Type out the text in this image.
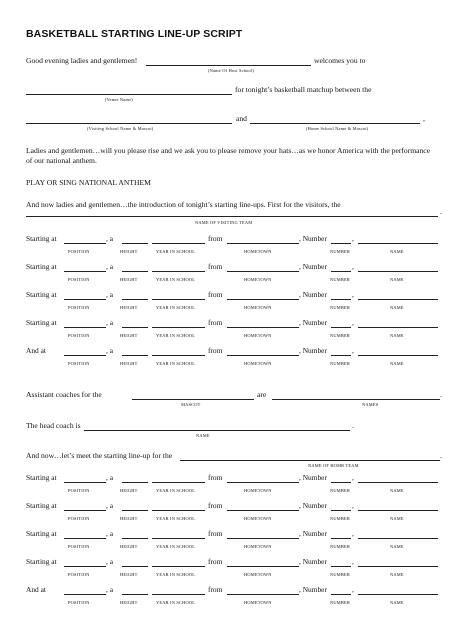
BASKETBALL STARTING LINE-UP SCRIPT
Good evening ladies and gentlemen!	welcomes you to
(Name Of Host School)
for tonight’s basketball matchup between the
(Venue Name)
and	,
(Visiting School Name & Mascot)	(Home School Name & Mascot)
Ladies and gentlemen…will you please rise and we ask you to please remove your hats…as we honor America with the performance
of our national anthem.
PLAY OR SING NATIONAL ANTHEM
And now ladies and gentlemen…the introduction of tonight’s starting line-ups. First for the visitors, the
.
NAME OF VISITING TEAM
Starting at	, a	from	, Number	,
POSITION	HEIGHT	YEAR IN SCHOOL	HOMETOWN	NUMBER	NAME
Starting at	, a	from	, Number	,
POSITION	HEIGHT	YEAR IN SCHOOL	HOMETOWN	NUMBER	NAME
Starting at	, a	from	, Number	,
POSITION	HEIGHT	YEAR IN SCHOOL	HOMETOWN	NUMBER	NAME
Starting at	, a	from	, Number	,
POSITION	HEIGHT	YEAR IN SCHOOL	HOMETOWN	NUMBER	NAME
And at	, a	from	, Number	,
POSITION	HEIGHT	YEAR IN SCHOOL	HOMETOWN	NUMBER	NAME
Assistant coaches for the	are	.
MASCOT	NAMES
The head coach is	.
NAME
And now…let’s meet the starting line-up for the	.
NAME OF HOMR TEAM
Starting at	, a	from	, Number	,
POSITION	HEIGHT	YEAR IN SCHOOL	HOMETOWN	NUMBER	NAME
Starting at	, a	from	, Number	,
POSITION	HEIGHT	YEAR IN SCHOOL	HOMETOWN	NUMBER	NAME
Starting at	, a	from	, Number	,
POSITION	HEIGHT	YEAR IN SCHOOL	HOMETOWN	NUMBER	NAME
Starting at	, a	from	, Number	,
POSITION	HEIGHT	YEAR IN SCHOOL	HOMETOWN	NUMBER	NAME
And at	, a	from	, Number	,
POSITION	HEIGHT	YEAR IN SCHOOL	HOMETOWN	NUMBER	NAME
